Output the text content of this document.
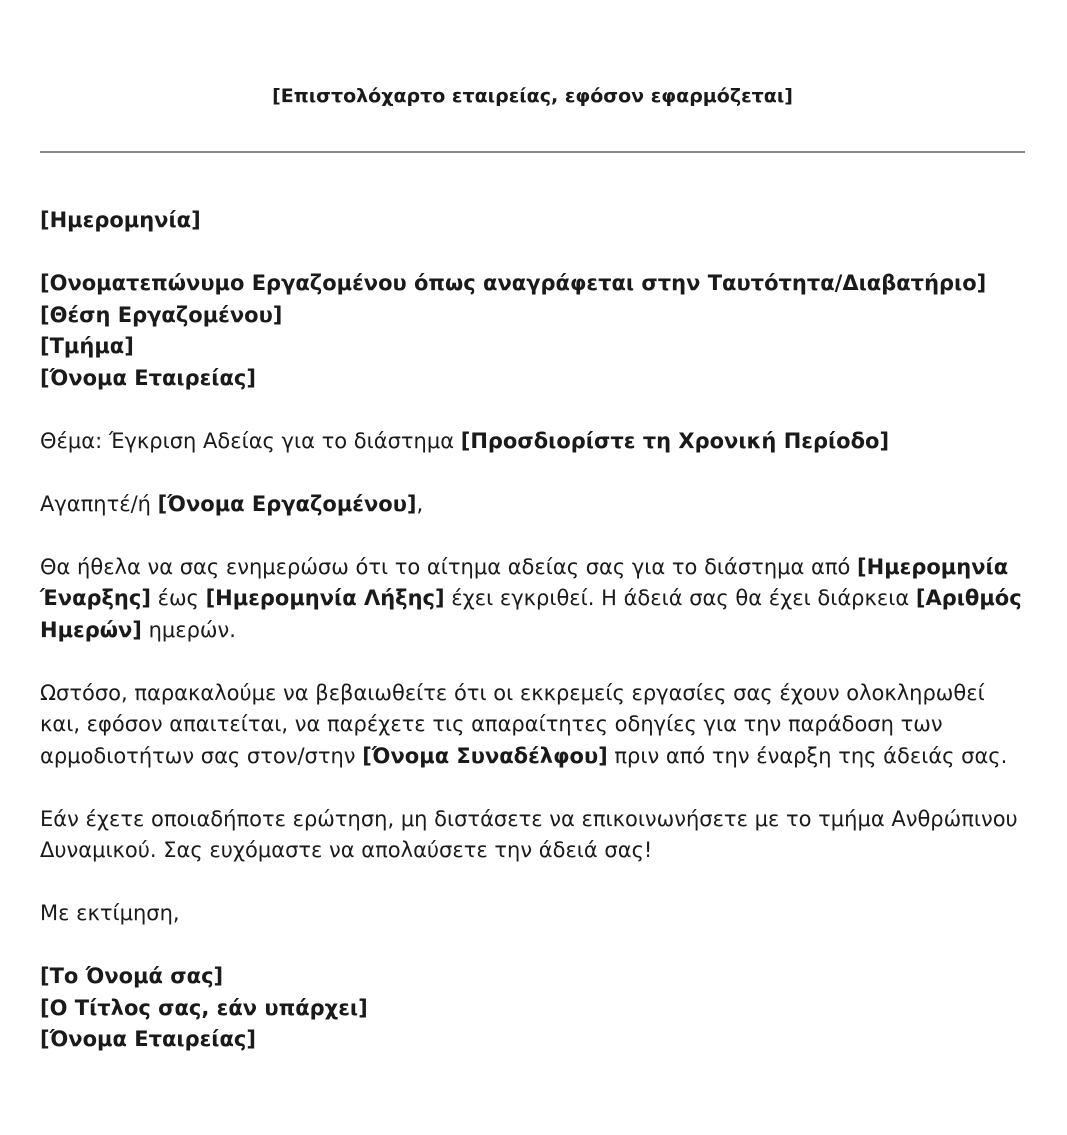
[Επιστολόχαρτο εταιρείας, εφόσον εφαρμόζεται]

[Ημερομηνία]

[Ονοματεπώνυμο Εργαζομένου όπως αναγράφεται στην Ταυτότητα/Διαβατήριο]

[Θέση Εργαζομένου]

[Τμήμα]

[Όνομα Εταιρείας]

Θέμα: Έγκριση Αδείας για το διάστημα [Προσδιορίστε τη Χρονική Περίοδο]

Αγαπητέ/ή [Όνομα Εργαζομένου],

Θα ήθελα να σας ενημερώσω ότι το αίτημα αδείας σας για το διάστημα από [Ημερομηνία Έναρξης] έως [Ημερομηνία Λήξης] έχει εγκριθεί. Η άδειά σας θα έχει διάρκεια [Αριθμός Ημερών] ημερών.

Ωστόσο, παρακαλούμε να βεβαιωθείτε ότι οι εκκρεμείς εργασίες σας έχουν ολοκληρωθεί και, εφόσον απαιτείται, να παρέχετε τις απαραίτητες οδηγίες για την παράδοση των αρμοδιοτήτων σας στον/στην [Όνομα Συναδέλφου] πριν από την έναρξη της άδειάς σας.

Εάν έχετε οποιαδήποτε ερώτηση, μη διστάσετε να επικοινωνήσετε με το τμήμα Ανθρώπινου Δυναμικού. Σας ευχόμαστε να απολαύσετε την άδειά σας!

Με εκτίμηση,

[Το Όνομά σας]

[Ο Τίτλος σας, εάν υπάρχει]

[Όνομα Εταιρείας]
